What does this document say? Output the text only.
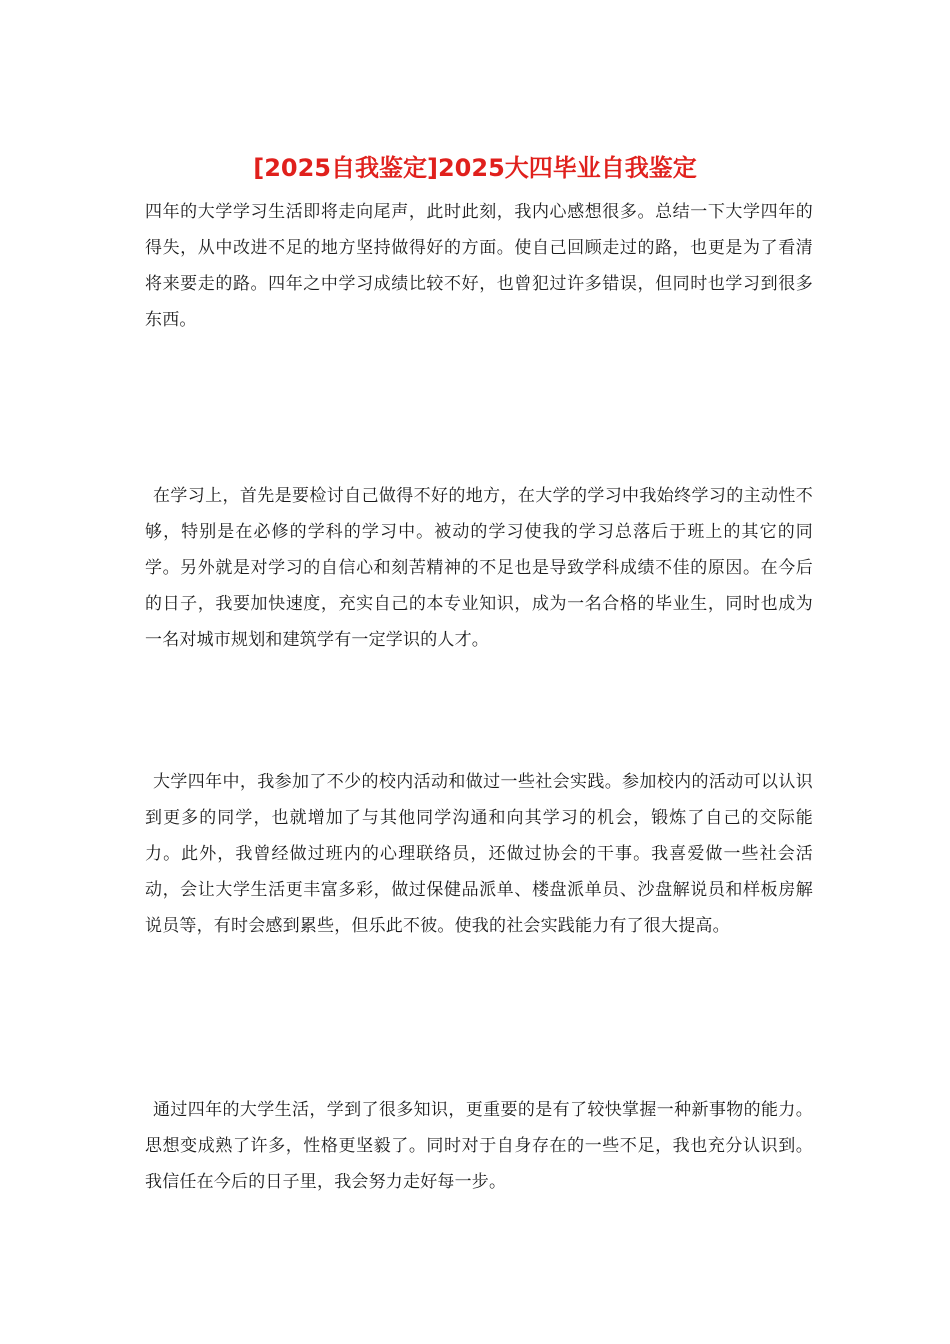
[2025自我鉴定]2025大四毕业自我鉴定

四年的大学学习生活即将走向尾声，此时此刻，我内心感想很多。总结一下大学四年的得失，从中改进不足的地方坚持做得好的方面。使自己回顾走过的路，也更是为了看清将来要走的路。四年之中学习成绩比较不好，也曾犯过许多错误，但同时也学习到很多东西。

在学习上，首先是要检讨自己做得不好的地方，在大学的学习中我始终学习的主动性不够，特别是在必修的学科的学习中。被动的学习使我的学习总落后于班上的其它的同学。另外就是对学习的自信心和刻苦精神的不足也是导致学科成绩不佳的原因。在今后的日子，我要加快速度，充实自己的本专业知识，成为一名合格的毕业生，同时也成为一名对城市规划和建筑学有一定学识的人才。

大学四年中，我参加了不少的校内活动和做过一些社会实践。参加校内的活动可以认识到更多的同学，也就增加了与其他同学沟通和向其学习的机会，锻炼了自己的交际能力。此外，我曾经做过班内的心理联络员，还做过协会的干事。我喜爱做一些社会活动，会让大学生活更丰富多彩，做过保健品派单、楼盘派单员、沙盘解说员和样板房解说员等，有时会感到累些，但乐此不彼。使我的社会实践能力有了很大提高。

通过四年的大学生活，学到了很多知识，更重要的是有了较快掌握一种新事物的能力。思想变成熟了许多，性格更坚毅了。同时对于自身存在的一些不足，我也充分认识到。我信任在今后的日子里，我会努力走好每一步。
